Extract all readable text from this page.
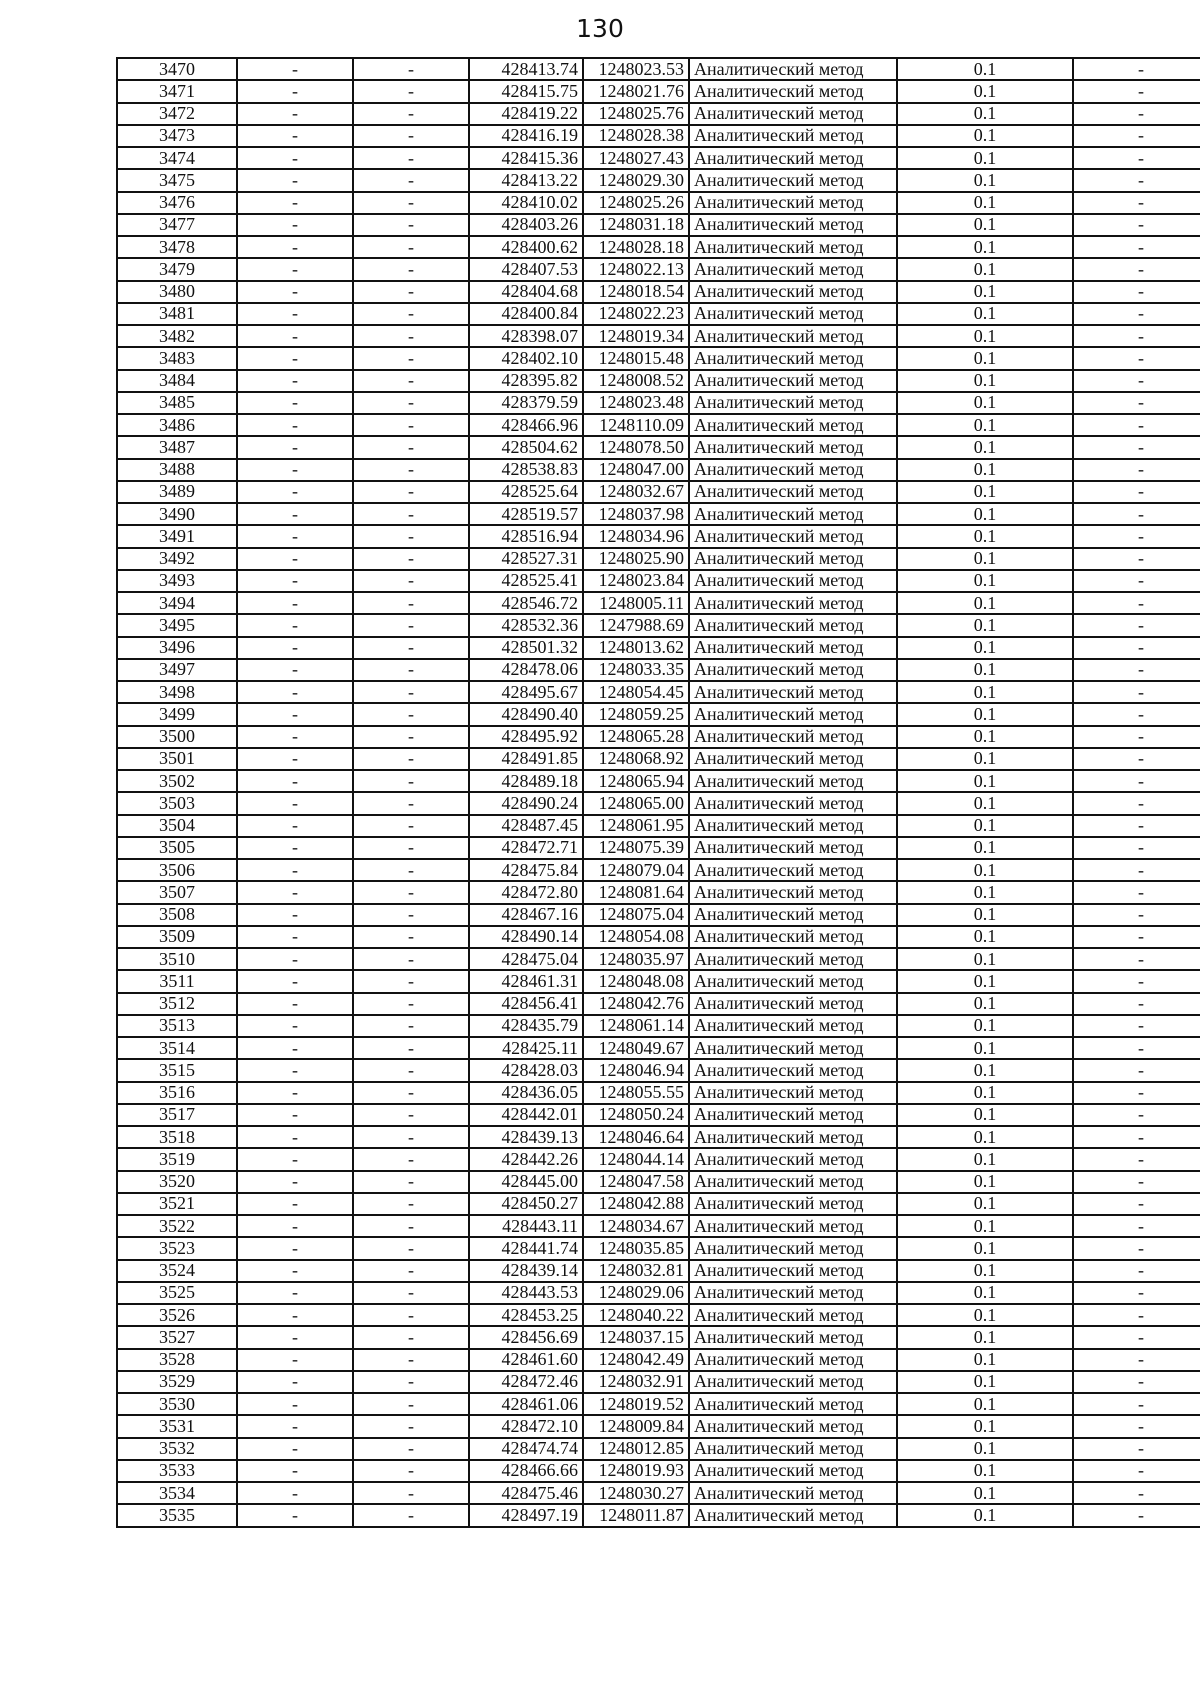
130
3470	-	-	428413.74	1248023.53	Аналитический метод	0.1	-
3471	-	-	428415.75	1248021.76	Аналитический метод	0.1	-
3472	-	-	428419.22	1248025.76	Аналитический метод	0.1	-
3473	-	-	428416.19	1248028.38	Аналитический метод	0.1	-
3474	-	-	428415.36	1248027.43	Аналитический метод	0.1	-
3475	-	-	428413.22	1248029.30	Аналитический метод	0.1	-
3476	-	-	428410.02	1248025.26	Аналитический метод	0.1	-
3477	-	-	428403.26	1248031.18	Аналитический метод	0.1	-
3478	-	-	428400.62	1248028.18	Аналитический метод	0.1	-
3479	-	-	428407.53	1248022.13	Аналитический метод	0.1	-
3480	-	-	428404.68	1248018.54	Аналитический метод	0.1	-
3481	-	-	428400.84	1248022.23	Аналитический метод	0.1	-
3482	-	-	428398.07	1248019.34	Аналитический метод	0.1	-
3483	-	-	428402.10	1248015.48	Аналитический метод	0.1	-
3484	-	-	428395.82	1248008.52	Аналитический метод	0.1	-
3485	-	-	428379.59	1248023.48	Аналитический метод	0.1	-
3486	-	-	428466.96	1248110.09	Аналитический метод	0.1	-
3487	-	-	428504.62	1248078.50	Аналитический метод	0.1	-
3488	-	-	428538.83	1248047.00	Аналитический метод	0.1	-
3489	-	-	428525.64	1248032.67	Аналитический метод	0.1	-
3490	-	-	428519.57	1248037.98	Аналитический метод	0.1	-
3491	-	-	428516.94	1248034.96	Аналитический метод	0.1	-
3492	-	-	428527.31	1248025.90	Аналитический метод	0.1	-
3493	-	-	428525.41	1248023.84	Аналитический метод	0.1	-
3494	-	-	428546.72	1248005.11	Аналитический метод	0.1	-
3495	-	-	428532.36	1247988.69	Аналитический метод	0.1	-
3496	-	-	428501.32	1248013.62	Аналитический метод	0.1	-
3497	-	-	428478.06	1248033.35	Аналитический метод	0.1	-
3498	-	-	428495.67	1248054.45	Аналитический метод	0.1	-
3499	-	-	428490.40	1248059.25	Аналитический метод	0.1	-
3500	-	-	428495.92	1248065.28	Аналитический метод	0.1	-
3501	-	-	428491.85	1248068.92	Аналитический метод	0.1	-
3502	-	-	428489.18	1248065.94	Аналитический метод	0.1	-
3503	-	-	428490.24	1248065.00	Аналитический метод	0.1	-
3504	-	-	428487.45	1248061.95	Аналитический метод	0.1	-
3505	-	-	428472.71	1248075.39	Аналитический метод	0.1	-
3506	-	-	428475.84	1248079.04	Аналитический метод	0.1	-
3507	-	-	428472.80	1248081.64	Аналитический метод	0.1	-
3508	-	-	428467.16	1248075.04	Аналитический метод	0.1	-
3509	-	-	428490.14	1248054.08	Аналитический метод	0.1	-
3510	-	-	428475.04	1248035.97	Аналитический метод	0.1	-
3511	-	-	428461.31	1248048.08	Аналитический метод	0.1	-
3512	-	-	428456.41	1248042.76	Аналитический метод	0.1	-
3513	-	-	428435.79	1248061.14	Аналитический метод	0.1	-
3514	-	-	428425.11	1248049.67	Аналитический метод	0.1	-
3515	-	-	428428.03	1248046.94	Аналитический метод	0.1	-
3516	-	-	428436.05	1248055.55	Аналитический метод	0.1	-
3517	-	-	428442.01	1248050.24	Аналитический метод	0.1	-
3518	-	-	428439.13	1248046.64	Аналитический метод	0.1	-
3519	-	-	428442.26	1248044.14	Аналитический метод	0.1	-
3520	-	-	428445.00	1248047.58	Аналитический метод	0.1	-
3521	-	-	428450.27	1248042.88	Аналитический метод	0.1	-
3522	-	-	428443.11	1248034.67	Аналитический метод	0.1	-
3523	-	-	428441.74	1248035.85	Аналитический метод	0.1	-
3524	-	-	428439.14	1248032.81	Аналитический метод	0.1	-
3525	-	-	428443.53	1248029.06	Аналитический метод	0.1	-
3526	-	-	428453.25	1248040.22	Аналитический метод	0.1	-
3527	-	-	428456.69	1248037.15	Аналитический метод	0.1	-
3528	-	-	428461.60	1248042.49	Аналитический метод	0.1	-
3529	-	-	428472.46	1248032.91	Аналитический метод	0.1	-
3530	-	-	428461.06	1248019.52	Аналитический метод	0.1	-
3531	-	-	428472.10	1248009.84	Аналитический метод	0.1	-
3532	-	-	428474.74	1248012.85	Аналитический метод	0.1	-
3533	-	-	428466.66	1248019.93	Аналитический метод	0.1	-
3534	-	-	428475.46	1248030.27	Аналитический метод	0.1	-
3535	-	-	428497.19	1248011.87	Аналитический метод	0.1	-
